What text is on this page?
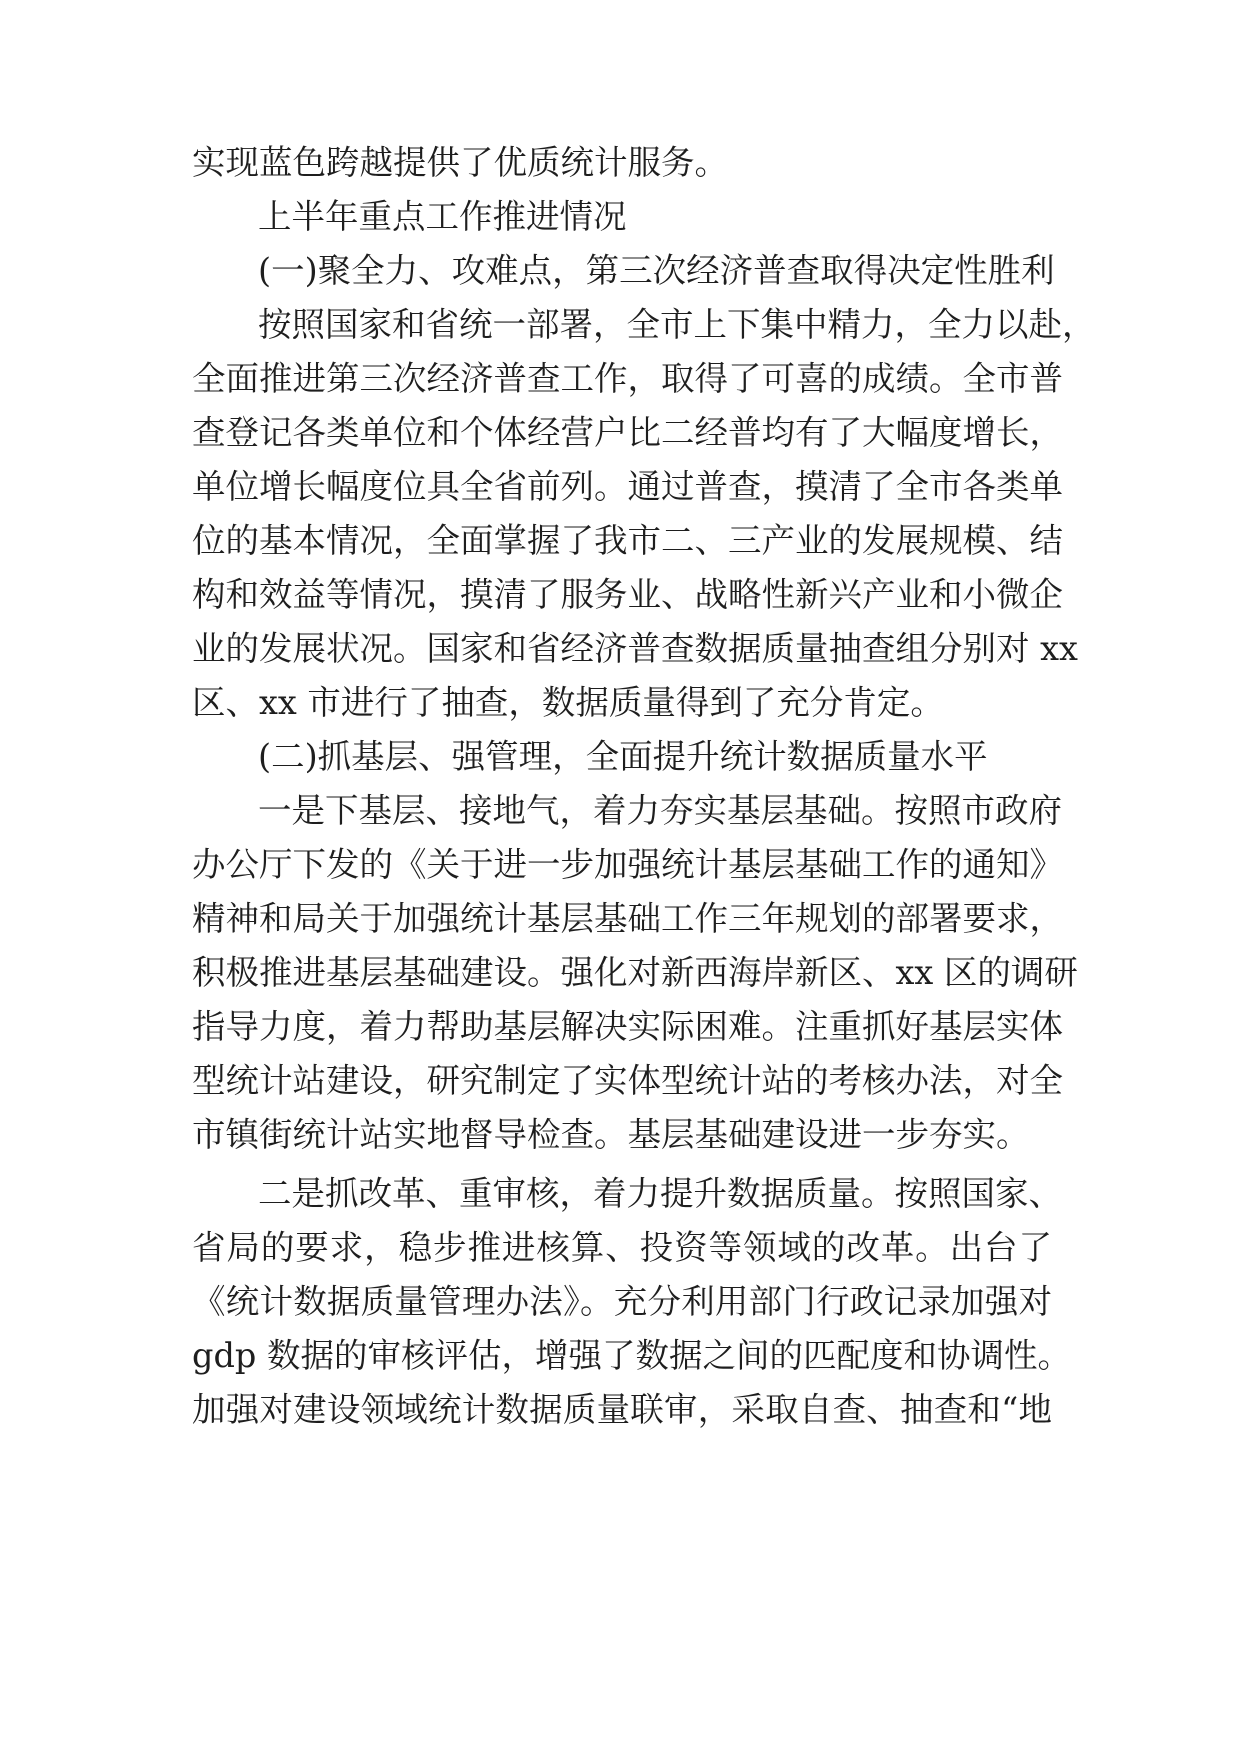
实现蓝色跨越提供了优质统计服务。
上半年重点工作推进情况
(一)聚全力、攻难点，第三次经济普查取得决定性胜利
按照国家和省统一部署，全市上下集中精力，全力以赴，
全面推进第三次经济普查工作，取得了可喜的成绩。全市普
查登记各类单位和个体经营户比二经普均有了大幅度增长，
单位增长幅度位具全省前列。通过普查，摸清了全市各类单
位的基本情况，全面掌握了我市二、三产业的发展规模、结
构和效益等情况，摸清了服务业、战略性新兴产业和小微企
业的发展状况。国家和省经济普查数据质量抽查组分别对 xx
区、xx 市进行了抽查，数据质量得到了充分肯定。
(二)抓基层、强管理，全面提升统计数据质量水平
一是下基层、接地气，着力夯实基层基础。按照市政府
办公厅下发的《关于进一步加强统计基层基础工作的通知》
精神和局关于加强统计基层基础工作三年规划的部署要求，
积极推进基层基础建设。强化对新西海岸新区、xx 区的调研
指导力度，着力帮助基层解决实际困难。注重抓好基层实体
型统计站建设，研究制定了实体型统计站的考核办法，对全
市镇街统计站实地督导检查。基层基础建设进一步夯实。
二是抓改革、重审核，着力提升数据质量。按照国家、
省局的要求，稳步推进核算、投资等领域的改革。出台了
《统计数据质量管理办法》。充分利用部门行政记录加强对
gdp 数据的审核评估，增强了数据之间的匹配度和协调性。
加强对建设领域统计数据质量联审，采取自查、抽查和“地
